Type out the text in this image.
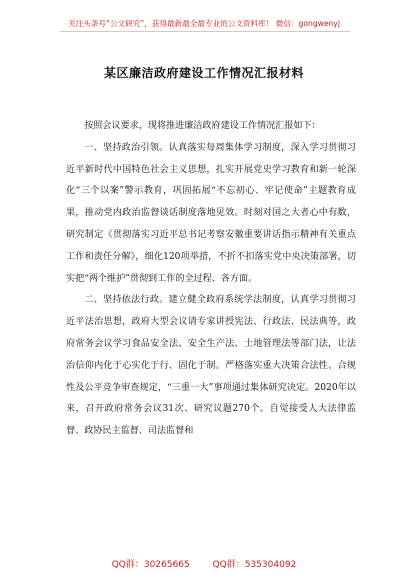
关注头条号“公文研究”，获得最新最全最专业的公文资料库！ 微信：gongwenyj
某区廉洁政府建设工作情况汇报材料

按照会议要求，现将推进廉洁政府建设工作情况汇报如下：

一、坚持政治引领。认真落实每周集体学习制度，深入学习贯彻习近平新时代中国特色社会主义思想，扎实开展党史学习教育和新一轮深化“三个以案”警示教育，巩固拓展“不忘初心、牢记使命”主题教育成果，推动党内政治监督谈话制度落地见效。时刻对国之大者心中有数，研究制定《贯彻落实习近平总书记考察安徽重要讲话指示精神有关重点工作和责任分解》，细化120项举措，不折不扣落实党中央决策部署，切实把“两个维护”贯彻到工作的全过程、各方面。

二、坚持依法行政。建立健全政府系统学法制度，认真学习贯彻习近平法治思想，政府大型会议请专家讲授宪法、行政法、民法典等，政府常务会议学习食品安全法、安全生产法、土地管理法等部门法，让法治信仰内化于心实化于行、固化于制。严格落实重大决策合法性、合规性及公平竞争审查规定，“三重一大”事项通过集体研究决定。2020年以来，召开政府常务会议31次、研究议题270个。自觉接受人大法律监督、政协民主监督、司法监督和

QQ群：30265665	QQ群：535304092
